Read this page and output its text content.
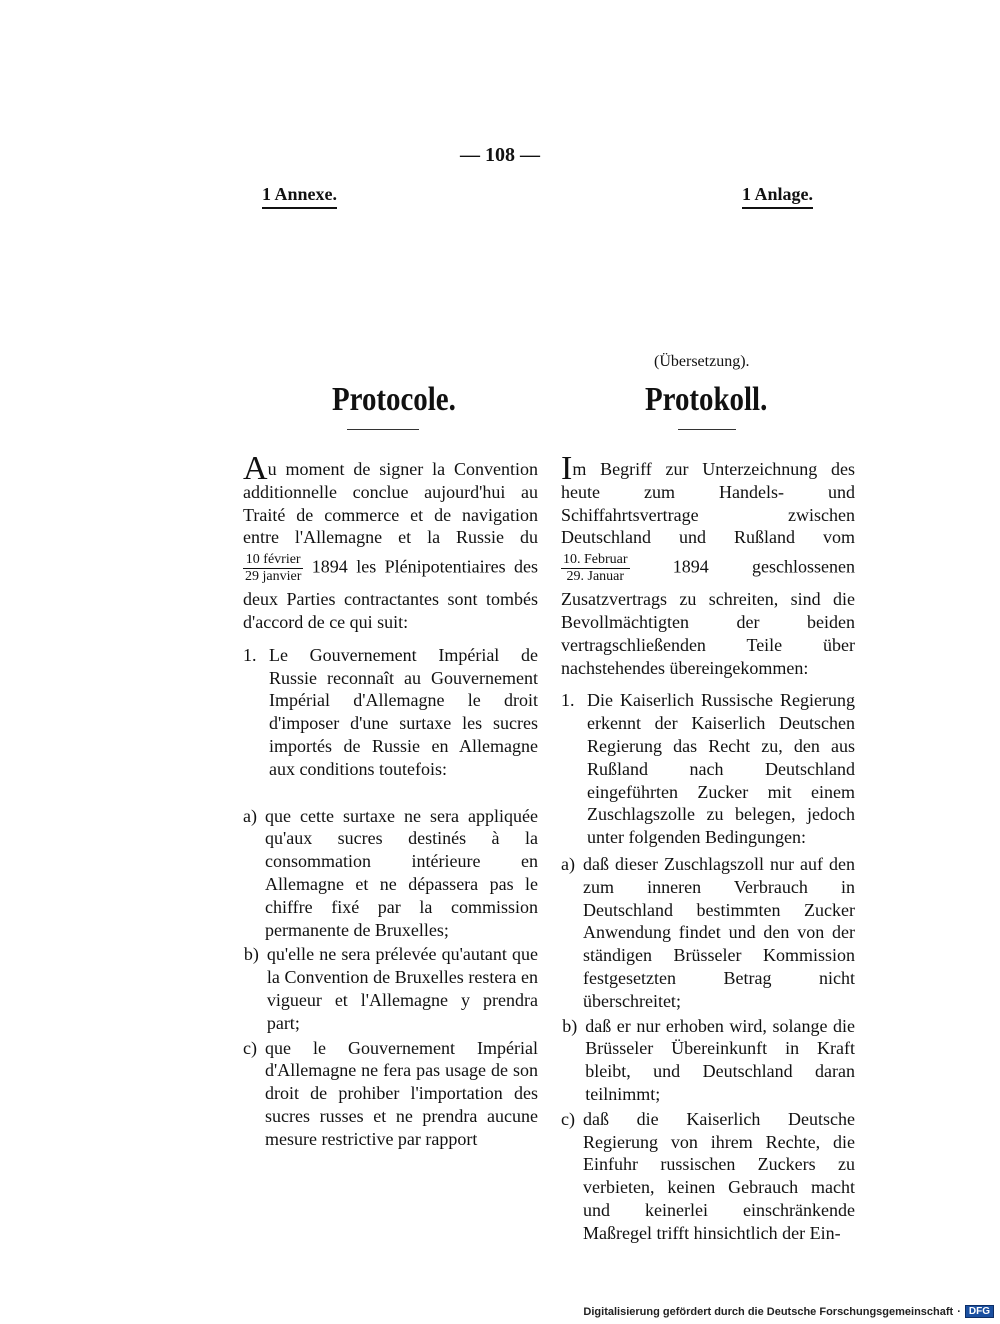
— 108 —
1 Annexe.	1 Anlage.
(Übersetzung).
Protocole.	Protokoll.
Au moment de signer la Convention additionnelle conclue aujourd'hui au Traité de commerce et de navigation entre l'Allemagne et la Russie du
$\frac{\text{10 février}}{\text{29 janvier}} 1894$ les Plénipotentiaires des deux Parties contractantes sont tombés d'accord de ce qui suit:
1. Le Gouvernement Impérial de Russie reconnaît au Gouvernement Impérial d'Allemagne le droit d'imposer d'une surtaxe les sucres importés de Russie en Allemagne aux conditions toutefois:
a) que cette surtaxe ne sera appliquée qu'aux sucres destinés à la consommation intérieure en Allemagne et ne dépassera pas le chiffre fixé par la commission permanente de Bruxelles;
b) qu'elle ne sera prélevée qu'autant que la Convention de Bruxelles restera en vigueur et l'Allemagne y prendra part;
c) que le Gouvernement Impérial d'Allemagne ne fera pas usage de son droit de prohiber l'importation des sucres russes et ne prendra aucune mesure restrictive par rapport
Im Begriff zur Unterzeichnung des heute zum Handels- und Schiffahrtsvertrage zwischen Deutschland und Rußland vom
$\frac{\text{10. Februar}}{\text{29. Januar}} 1894$ geschlossenen Zusatzvertrags zu schreiten, sind die Bevollmächtigten der beiden vertragschließenden Teile über nachstehendes übereingekommen:
1. Die Kaiserlich Russische Regierung erkennt der Kaiserlich Deutschen Regierung das Recht zu, den aus Rußland nach Deutschland eingeführten Zucker mit einem Zuschlagszolle zu belegen, jedoch unter folgenden Bedingungen:
a) daß dieser Zuschlagszoll nur auf den zum inneren Verbrauch in Deutschland bestimmten Zucker Anwendung findet und den von der ständigen Brüsseler Kommission festgesetzten Betrag nicht überschreitet;
b) daß er nur erhoben wird, solange die Brüsseler Übereinkunft in Kraft bleibt, und Deutschland daran teilnimmt;
c) daß die Kaiserlich Deutsche Regierung von ihrem Rechte, die Einfuhr russischen Zuckers zu verbieten, keinen Gebrauch macht und keinerlei einschränkende Maßregel trifft hinsichtlich der Ein-
Digitalisierung gefördert durch die Deutsche Forschungsgemeinschaft · DFG
